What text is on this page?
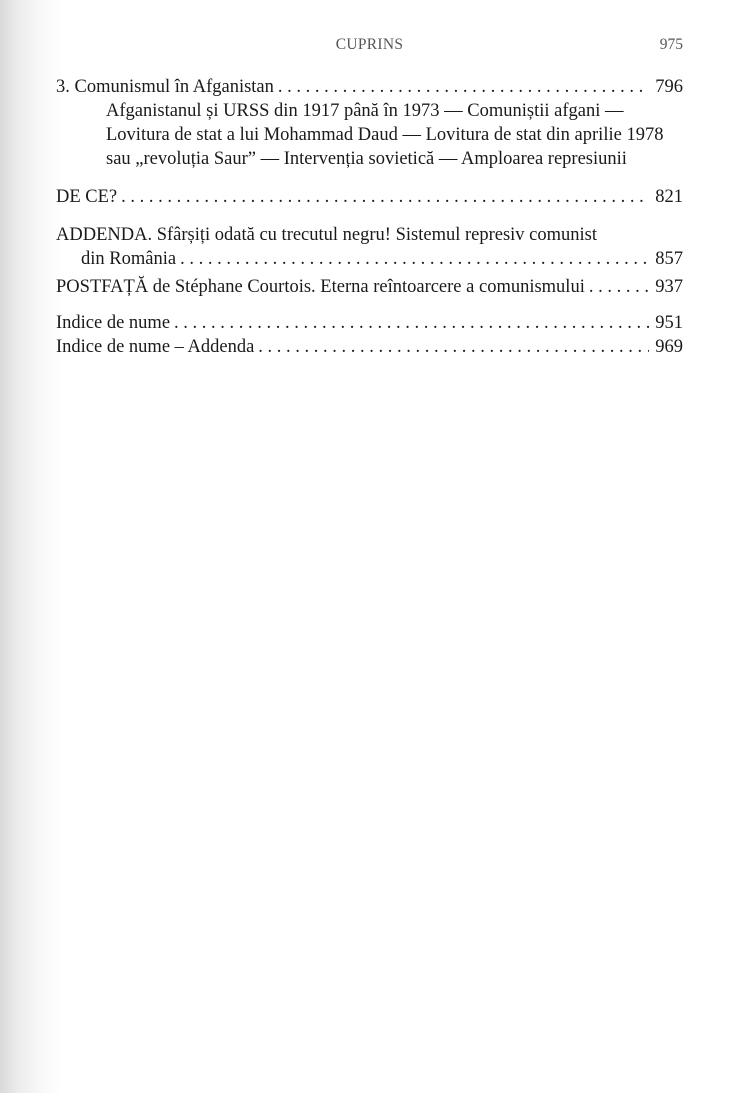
CUPRINS	975
3. Comunismul în Afganistan . . .	796
Afganistanul și URSS din 1917 până în 1973 — Comuniștii afgani —
Lovitura de stat a lui Mohammad Daud — Lovitura de stat din aprilie 1978
sau „revoluția Saur” — Intervenția sovietică — Amploarea represiunii
DE CE? . . .	821
ADDENDA. Sfârșiți odată cu trecutul negru! Sistemul represiv comunist
din România . . .	857
POSTFAȚĂ de Stéphane Courtois. Eterna reîntoarcere a comunismului . . .	937
Indice de nume . . .	951
Indice de nume – Addenda . . .	969
